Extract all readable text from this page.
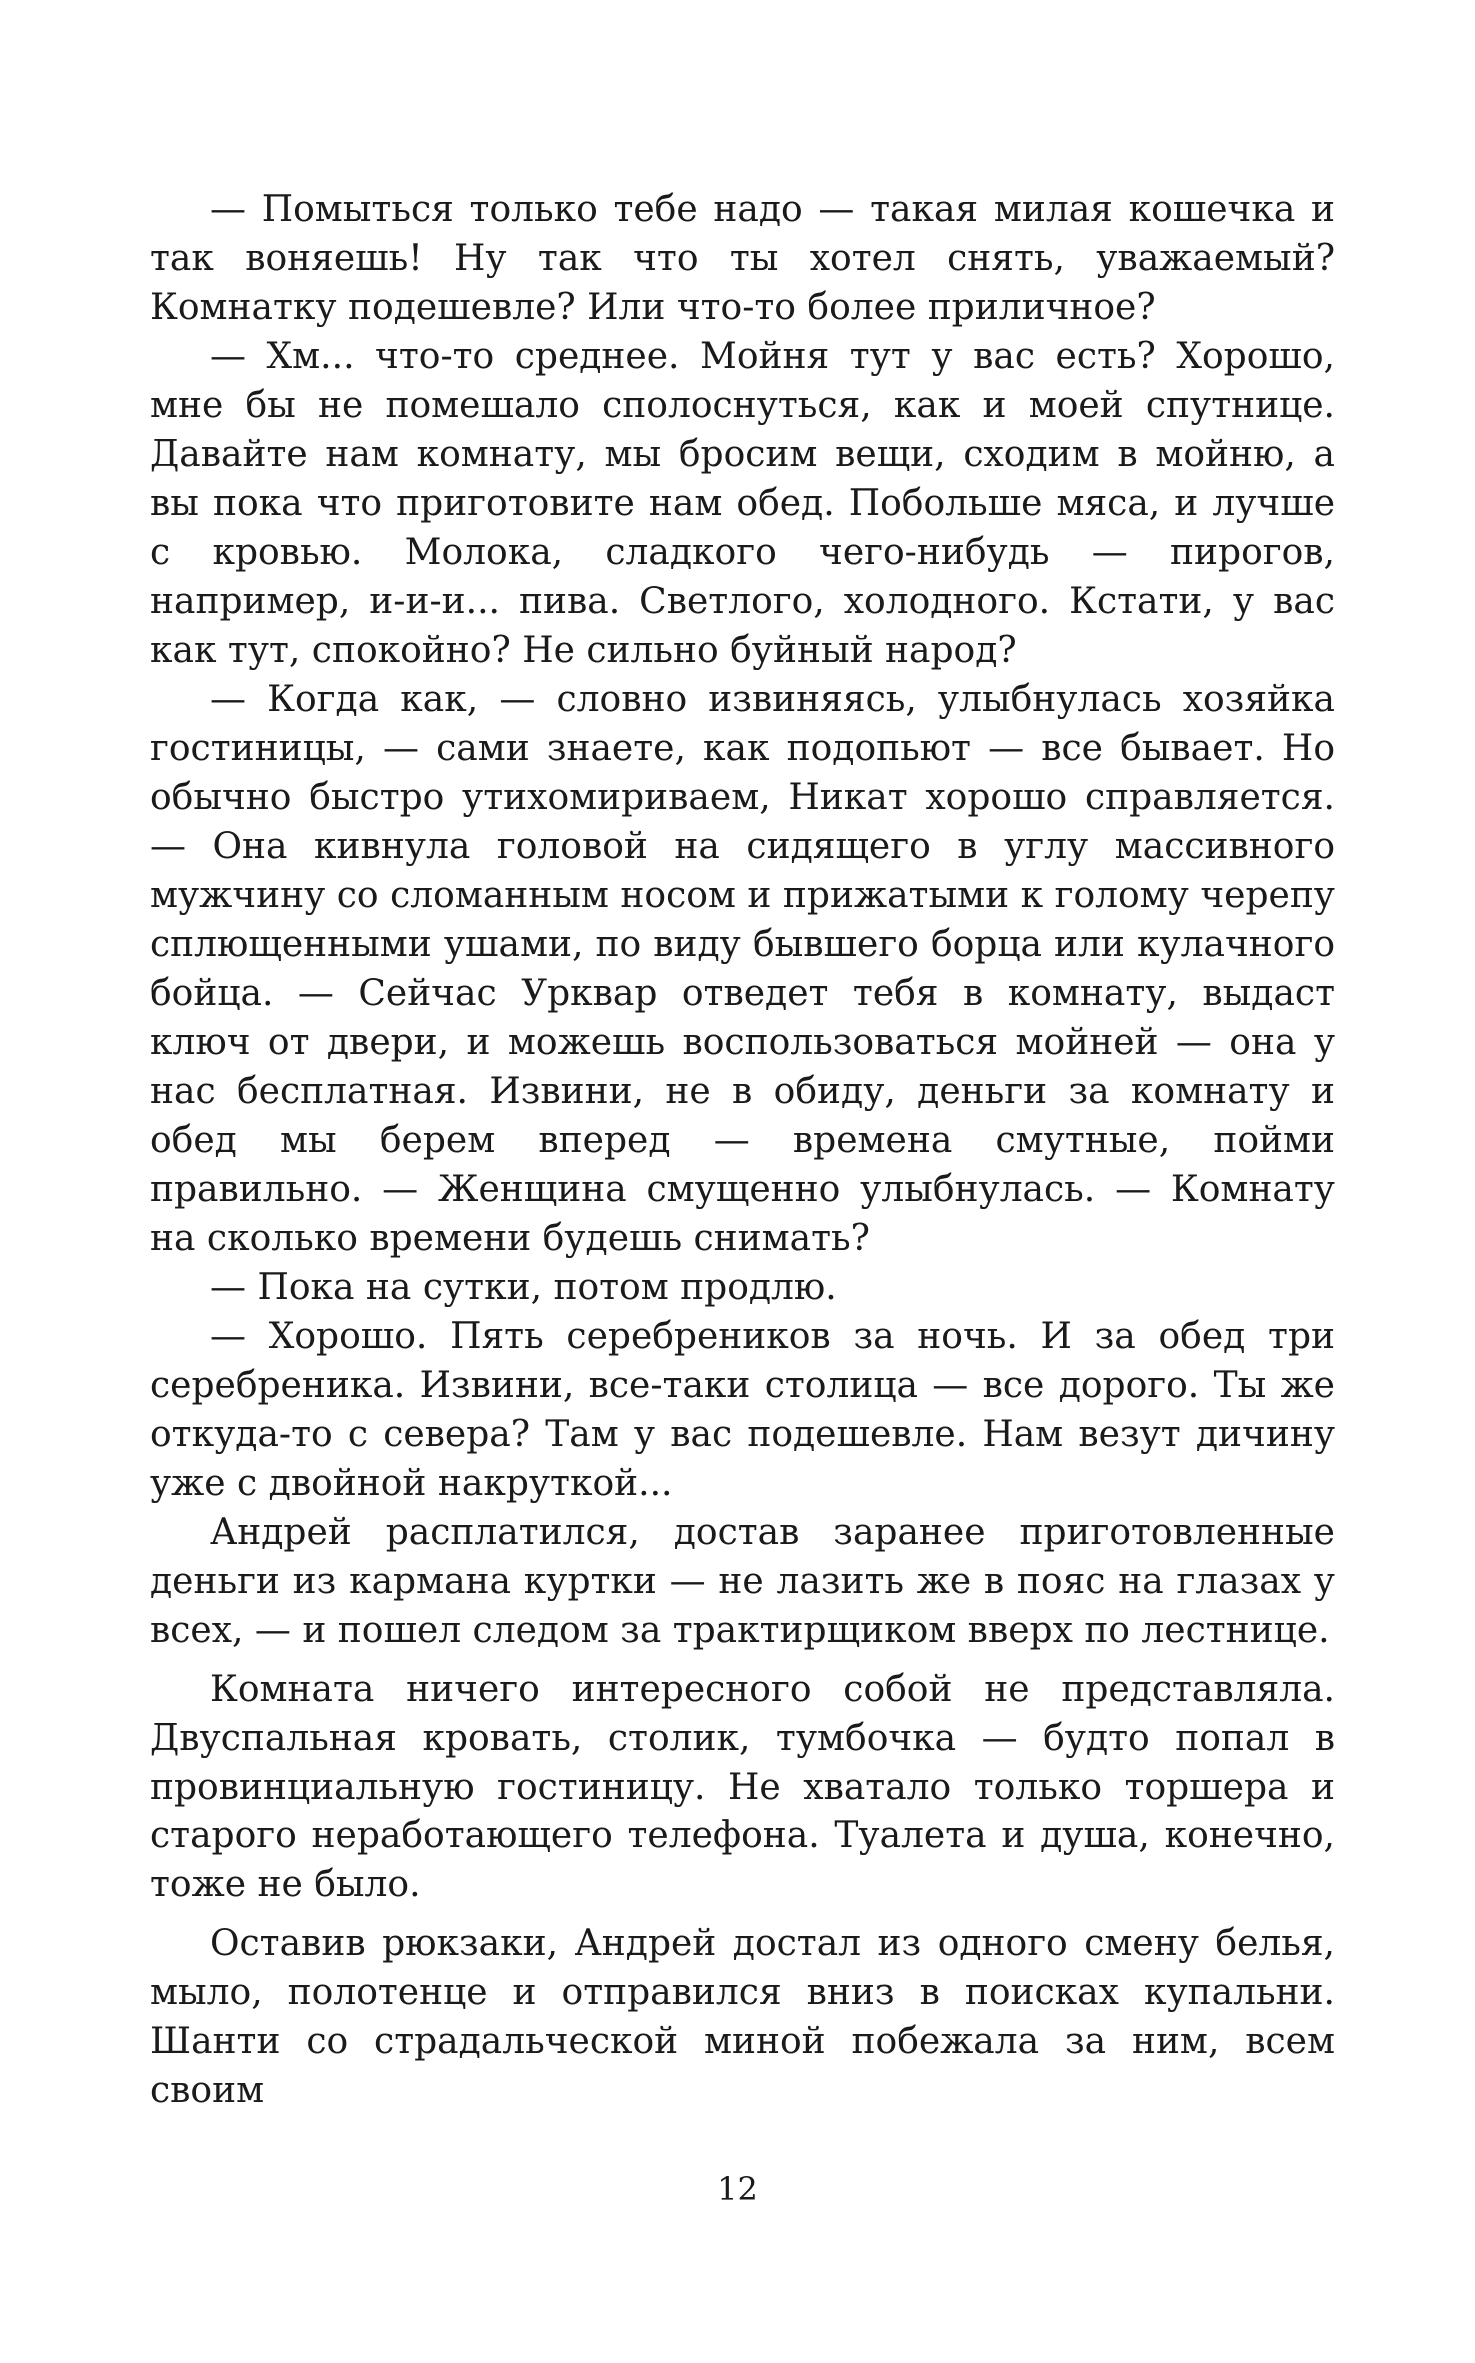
— Помыться только тебе надо — такая милая кошечка и так воняешь! Ну так что ты хотел снять, уважаемый? Комнатку подешевле? Или что-то более приличное?

— Хм... что-то среднее. Мойня тут у вас есть? Хорошо, мне бы не помешало сполоснуться, как и моей спутнице. Давайте нам комнату, мы бросим вещи, сходим в мойню, а вы пока что приготовите нам обед. Побольше мяса, и лучше с кровью. Молока, сладкого чего-нибудь — пирогов, например, и-и-и... пива. Светлого, холодного. Кстати, у вас как тут, спокойно? Не сильно буйный народ?

— Когда как, — словно извиняясь, улыбнулась хозяйка гостиницы, — сами знаете, как подопьют — все бывает. Но обычно быстро утихомириваем, Никат хорошо справляется. — Она кивнула головой на сидящего в углу массивного мужчину со сломанным носом и прижатыми к голому черепу сплющенными ушами, по виду бывшего борца или кулачного бойца. — Сейчас Урквар отведет тебя в комнату, выдаст ключ от двери, и можешь воспользоваться мойней — она у нас бесплатная. Извини, не в обиду, деньги за комнату и обед мы берем вперед — времена смутные, пойми правильно. — Женщина смущенно улыбнулась. — Комнату на сколько времени будешь снимать?

— Пока на сутки, потом продлю.

— Хорошо. Пять серебреников за ночь. И за обед три серебреника. Извини, все-таки столица — все дорого. Ты же откуда-то с севера? Там у вас подешевле. Нам везут дичину уже с двойной накруткой...

Андрей расплатился, достав заранее приготовленные деньги из кармана куртки — не лазить же в пояс на глазах у всех, — и пошел следом за трактирщиком вверх по лестнице.

Комната ничего интересного собой не представляла. Двуспальная кровать, столик, тумбочка — будто попал в провинциальную гостиницу. Не хватало только торшера и старого неработающего телефона. Туалета и душа, конечно, тоже не было.

Оставив рюкзаки, Андрей достал из одного смену белья, мыло, полотенце и отправился вниз в поисках купальни. Шанти со страдальческой миной побежала за ним, всем своим

12
